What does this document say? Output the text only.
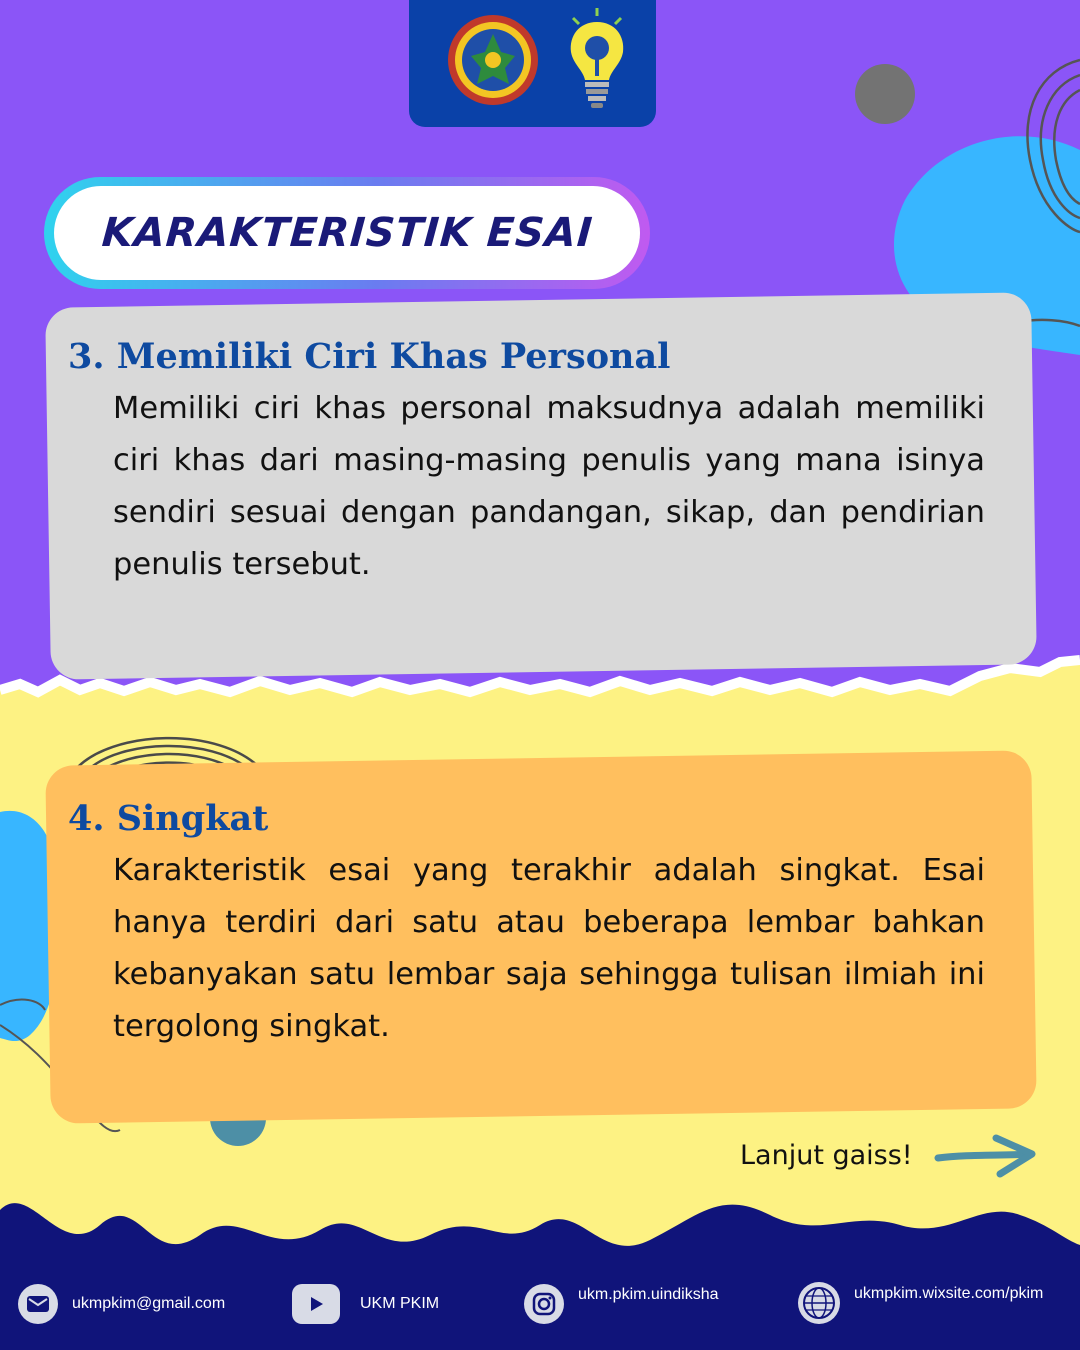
KARAKTERISTIK ESAI
3. Memiliki Ciri Khas Personal
Memiliki ciri khas personal maksudnya adalah memiliki ciri khas dari masing-masing penulis yang mana isinya sendiri sesuai dengan pandangan, sikap, dan pendirian penulis tersebut.
4. Singkat
Karakteristik esai yang terakhir adalah singkat. Esai hanya terdiri dari satu atau beberapa lembar bahkan kebanyakan satu lembar saja sehingga tulisan ilmiah ini tergolong singkat.
Lanjut gaiss!
ukmpkim@gmail.com	UKM PKIM
ukm.pkim.uindiksha	ukmpkim.wixsite.com/pkim
